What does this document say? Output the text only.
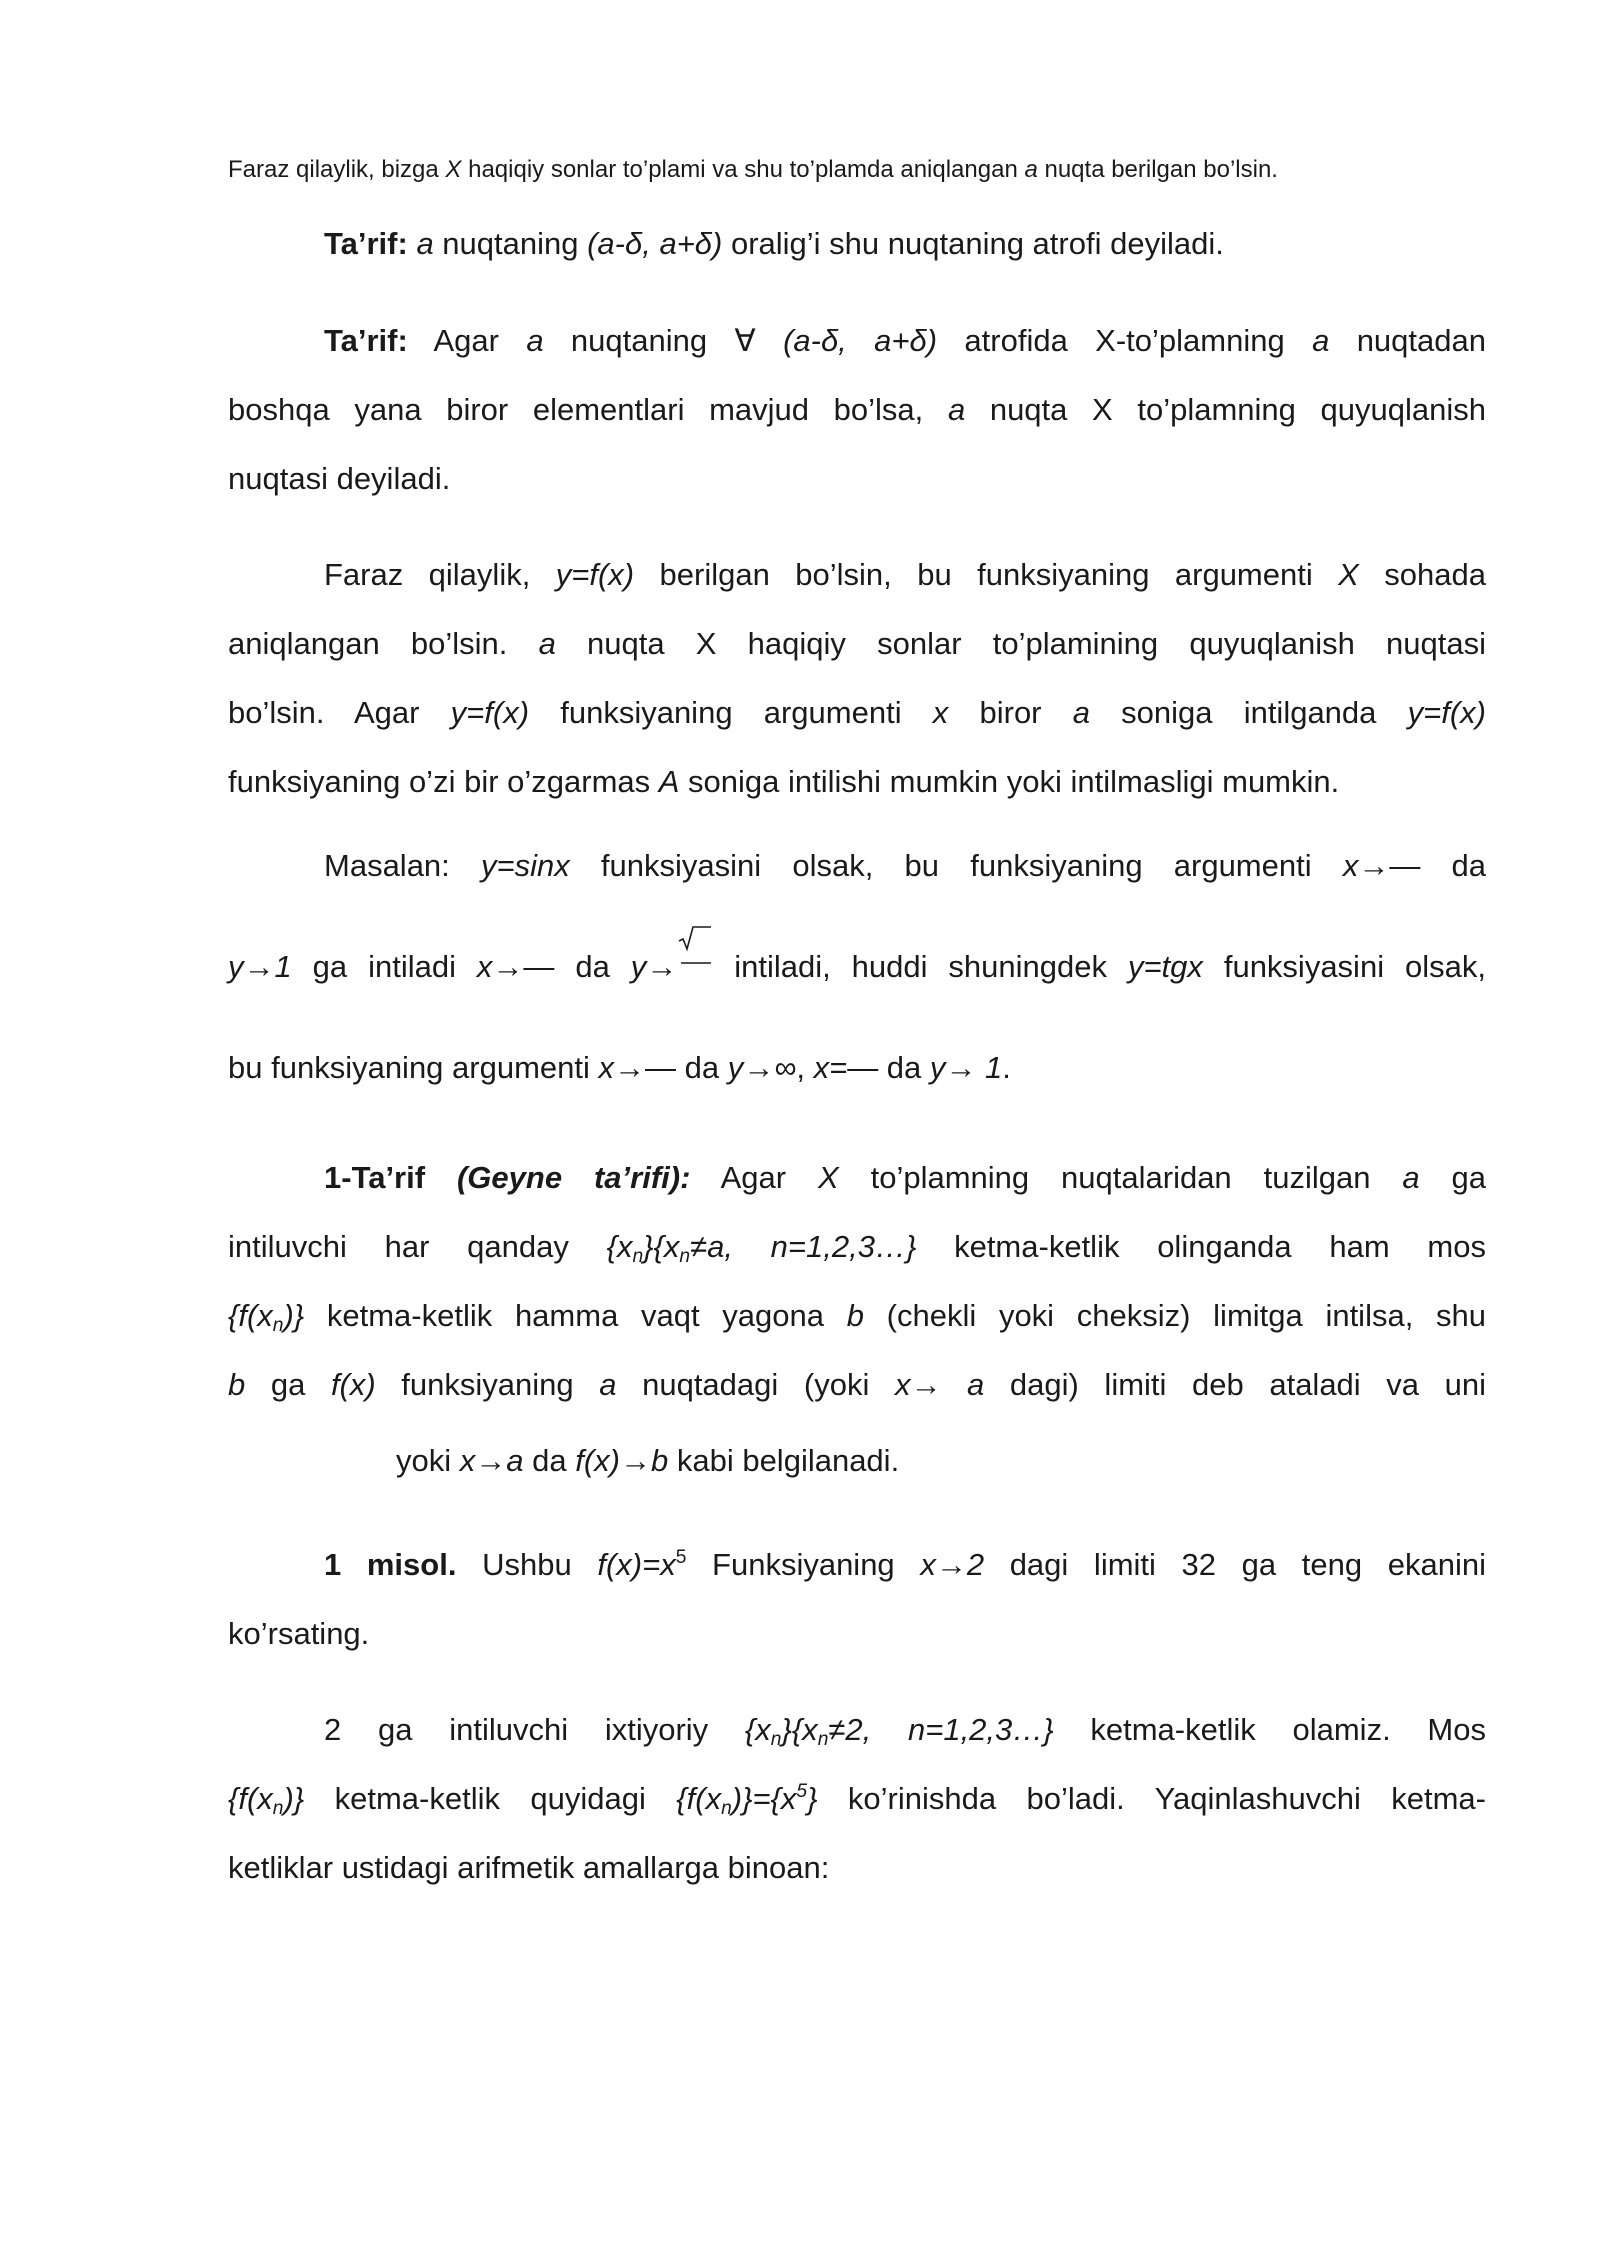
Faraz qilaylik, bizga X haqiqiy sonlar to’plami va shu to’plamda aniqlangan a nuqta berilgan bo’lsin.
Ta’rif: a nuqtaning (a-δ, a+δ) oralig’i shu nuqtaning atrofi deyiladi.
Ta’rif: Agar a nuqtaning ∀ (a-δ, a+δ) atrofida X-to’plamning a nuqtadan
boshqa yana biror elementlari mavjud bo’lsa, a nuqta X to’plamning quyuqlanish
nuqtasi deyiladi.
Faraz qilaylik, y=f(x) berilgan bo’lsin, bu funksiyaning argumenti X sohada
aniqlangan bo’lsin. a nuqta X haqiqiy sonlar to’plamining quyuqlanish nuqtasi
bo’lsin. Agar y=f(x) funksiyaning argumenti x biror a soniga intilganda y=f(x)
funksiyaning o’zi bir o’zgarmas A soniga intilishi mumkin yoki intilmasligi mumkin.
Masalan: y=sinx funksiyasini olsak, bu funksiyaning argumenti x→— da
y→1 ga intiladi x→— da y→
intiladi, huddi shuningdek y=tgx funksiyasini olsak,
bu funksiyaning argumenti x→— da y→∞, x=— da y→ 1.
1-Ta’rif (Geyne ta’rifi): Agar X to’plamning nuqtalaridan tuzilgan a ga
intiluvchi har qanday $\{x_n\}\{x_n\ne a$, n=1,2,3…} ketma-ketlik olinganda ham mos
$\{f(x_n)\}$ ketma-ketlik hamma vaqt yagona b (chekli yoki cheksiz) limitga intilsa, shu
b ga f(x) funksiyaning a nuqtadagi (yoki x→ a dagi) limiti deb ataladi va uni
yoki x→a da f(x)→b kabi belgilanadi.
1 misol. Ushbu $f(x)=x^5$ Funksiyaning x→2 dagi limiti 32 ga teng ekanini
ko’rsating.
2 ga intiluvchi ixtiyoriy $\{x_n\}\{x_n\ne 2$, n=1,2,3…} ketma-ketlik olamiz. Mos
$\{f(x_n)\}$ ketma-ketlik quyidagi $\{f(x_n)\}=\{x^5\}$ ko’rinishda bo’ladi. Yaqinlashuvchi ketma-
ketliklar ustidagi arifmetik amallarga binoan:
